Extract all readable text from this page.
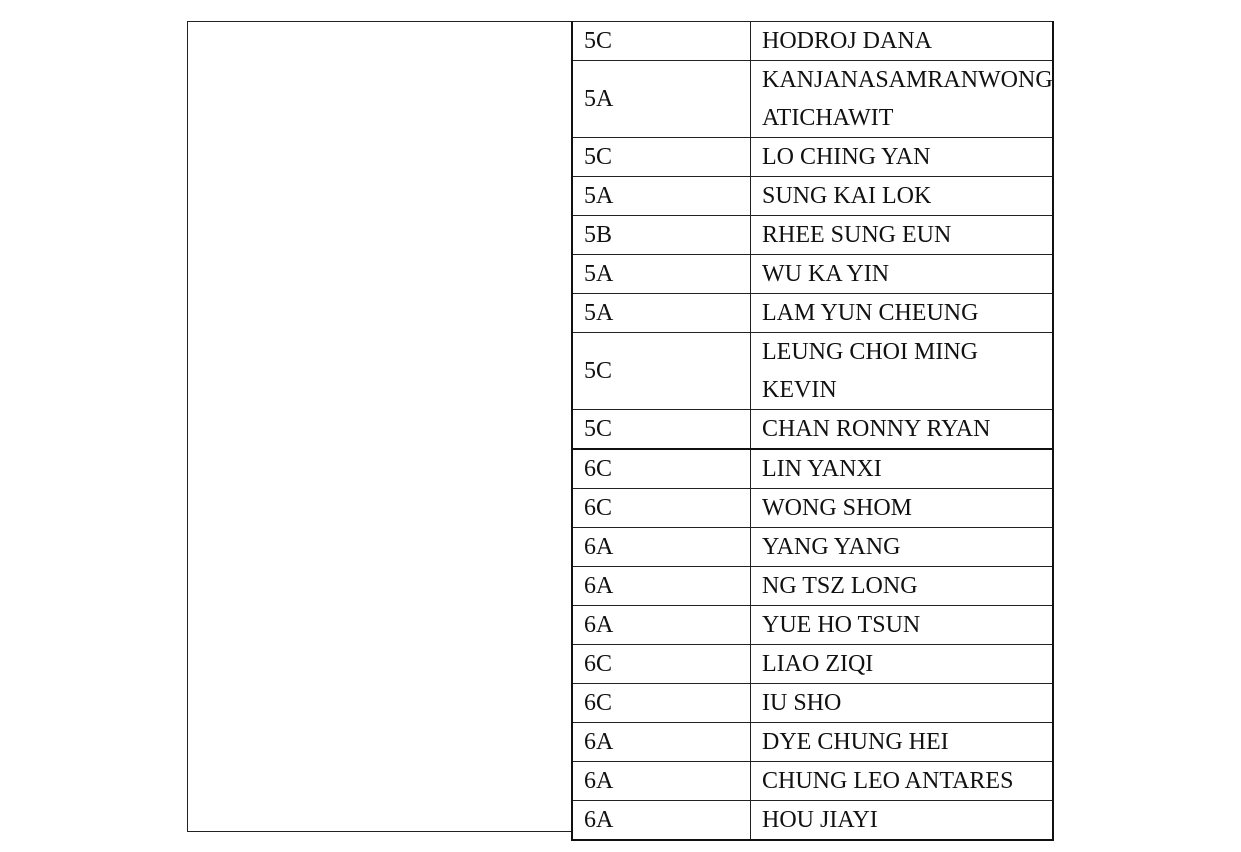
5C	HODROJ DANA
5A	KANJANASAMRANWONG ATICHAWIT
5C	LO CHING YAN
5A	SUNG KAI LOK
5B	RHEE SUNG EUN
5A	WU KA YIN
5A	LAM YUN CHEUNG
5C	LEUNG CHOI MING KEVIN
5C	CHAN RONNY RYAN
6C	LIN YANXI
6C	WONG SHOM
6A	YANG YANG
6A	NG TSZ LONG
6A	YUE HO TSUN
6C	LIAO ZIQI
6C	IU SHO
6A	DYE CHUNG HEI
6A	CHUNG LEO ANTARES
6A	HOU JIAYI
